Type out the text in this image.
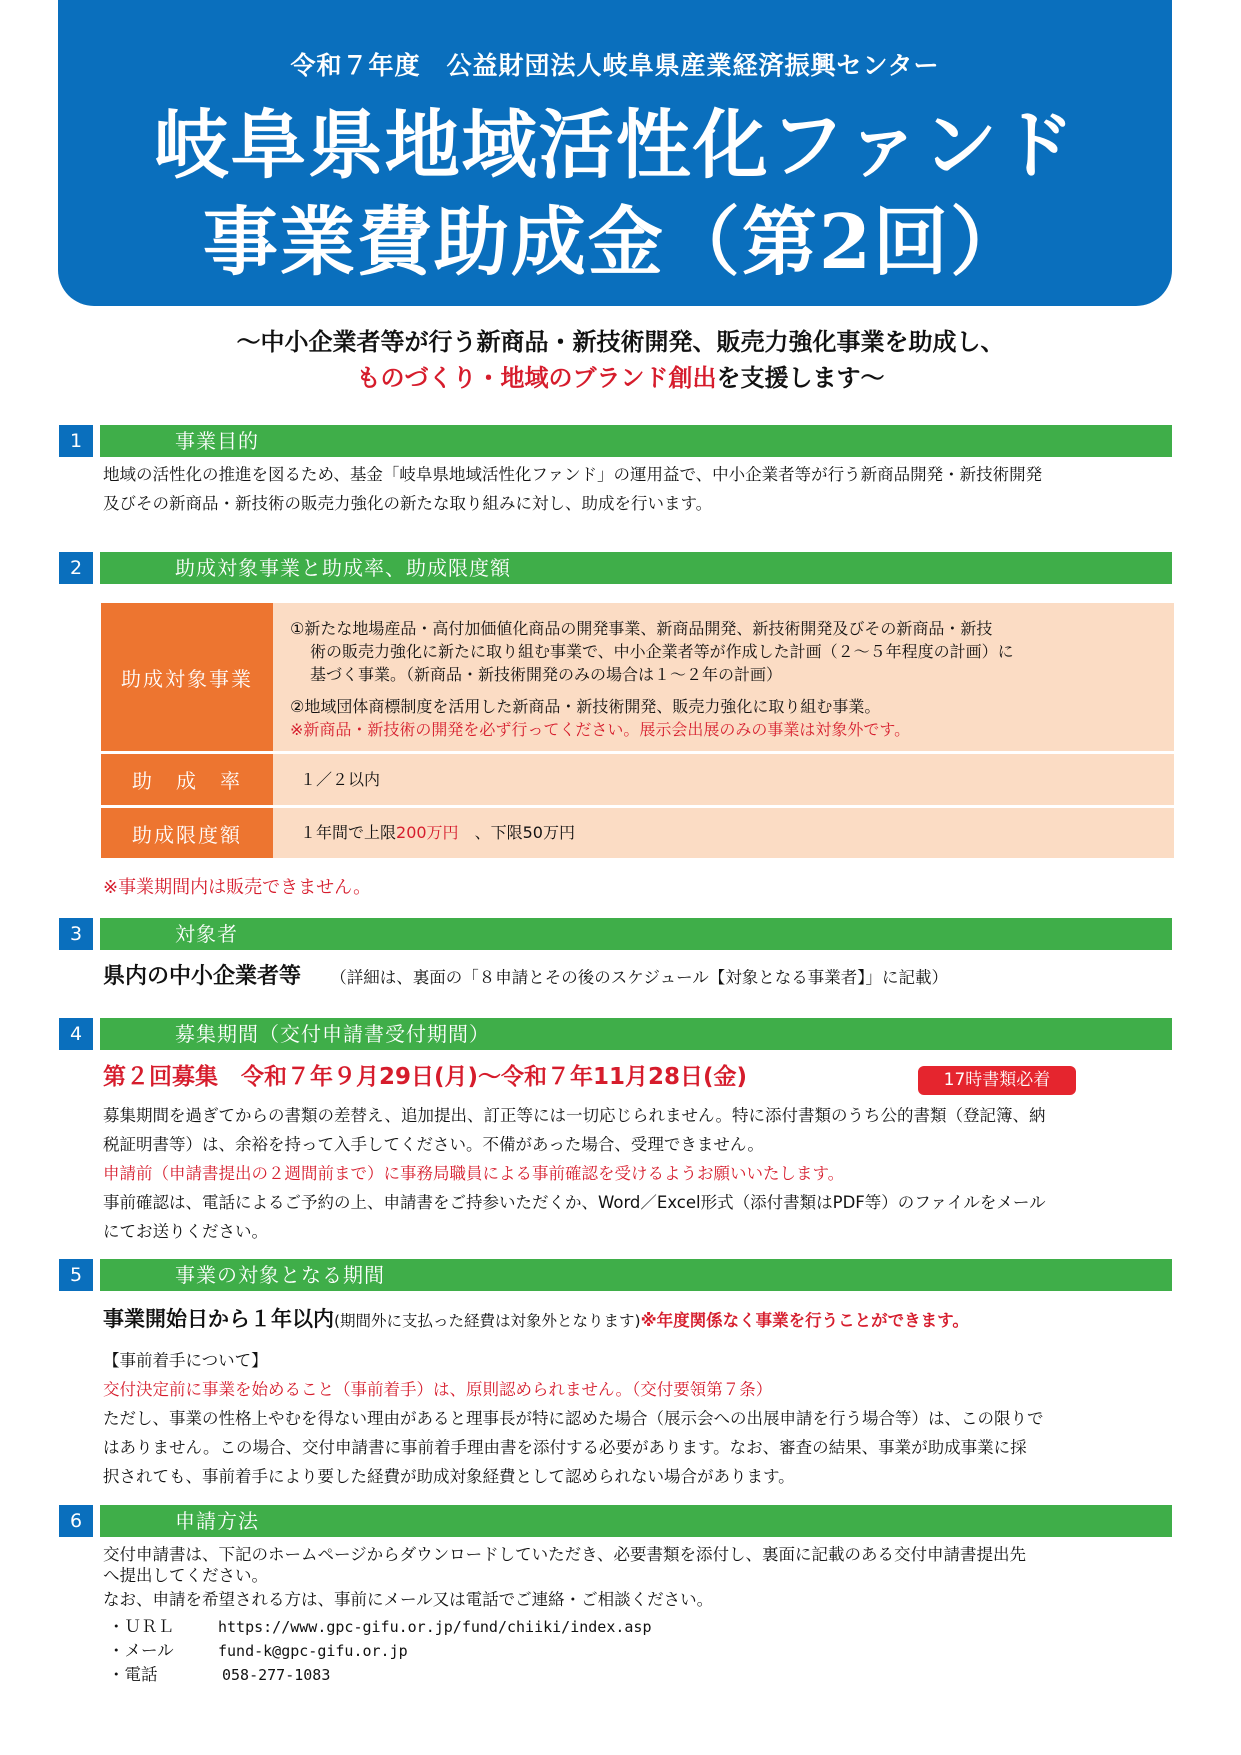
令和７年度　公益財団法人岐阜県産業経済振興センター
岐阜県地域活性化ファンド
事業費助成金（第2回）
～中小企業者等が行う新商品・新技術開発、販売力強化事業を助成し、
ものづくり・地域のブランド創出を支援します～
1	事業目的
地域の活性化の推進を図るため、基金「岐阜県地域活性化ファンド」の運用益で、中小企業者等が行う新商品開発・新技術開発
及びその新商品・新技術の販売力強化の新たな取り組みに対し、助成を行います。
2	助成対象事業と助成率、助成限度額
助成対象事業
①新たな地場産品・高付加価値化商品の開発事業、新商品開発、新技術開発及びその新商品・新技
術の販売力強化に新たに取り組む事業で、中小企業者等が作成した計画（２～５年程度の計画）に
基づく事業。（新商品・新技術開発のみの場合は１～２年の計画）
②地域団体商標制度を活用した新商品・新技術開発、販売力強化に取り組む事業。
※新商品・新技術の開発を必ず行ってください。展示会出展のみの事業は対象外です。
助　成　率	１／２以内
助成限度額	１年間で上限200万円　 、下限50万円
※事業期間内は販売できません。
3	対象者
県内の中小企業者等 （詳細は、裏面の「８申請とその後のスケジュール【対象となる事業者】」に記載）
4	募集期間（交付申請書受付期間）
第２回募集　令和７年９月29日(月)～令和７年11月28日(金)	17時書類必着
募集期間を過ぎてからの書類の差替え、追加提出、訂正等には一切応じられません。特に添付書類のうち公的書類（登記簿、納
税証明書等）は、余裕を持って入手してください。不備があった場合、受理できません。
申請前（申請書提出の２週間前まで）に事務局職員による事前確認を受けるようお願いいたします。
事前確認は、電話によるご予約の上、申請書をご持参いただくか、Word／Excel形式（添付書類はPDF等）のファイルをメール
にてお送りください。
5	事業の対象となる期間
事業開始日から１年以内(期間外に支払った経費は対象外となります)※年度関係なく事業を行うことができます。
【事前着手について】
交付決定前に事業を始めること（事前着手）は、原則認められません。（交付要領第７条）
ただし、事業の性格上やむを得ない理由があると理事長が特に認めた場合（展示会への出展申請を行う場合等）は、この限りで
はありません。この場合、交付申請書に事前着手理由書を添付する必要があります。なお、審査の結果、事業が助成事業に採
択されても、事前着手により要した経費が助成対象経費として認められない場合があります。
6	申請方法
交付申請書は、下記のホームページからダウンロードしていただき、必要書類を添付し、裏面に記載のある交付申請書提出先
へ提出してください。
なお、申請を希望される方は、事前にメール又は電話でご連絡・ご相談ください。
・ＵＲＬ	https://www.gpc-gifu.or.jp/fund/chiiki/index.asp
・メール	fund-k@gpc-gifu.or.jp
・電話	058-277-1083
